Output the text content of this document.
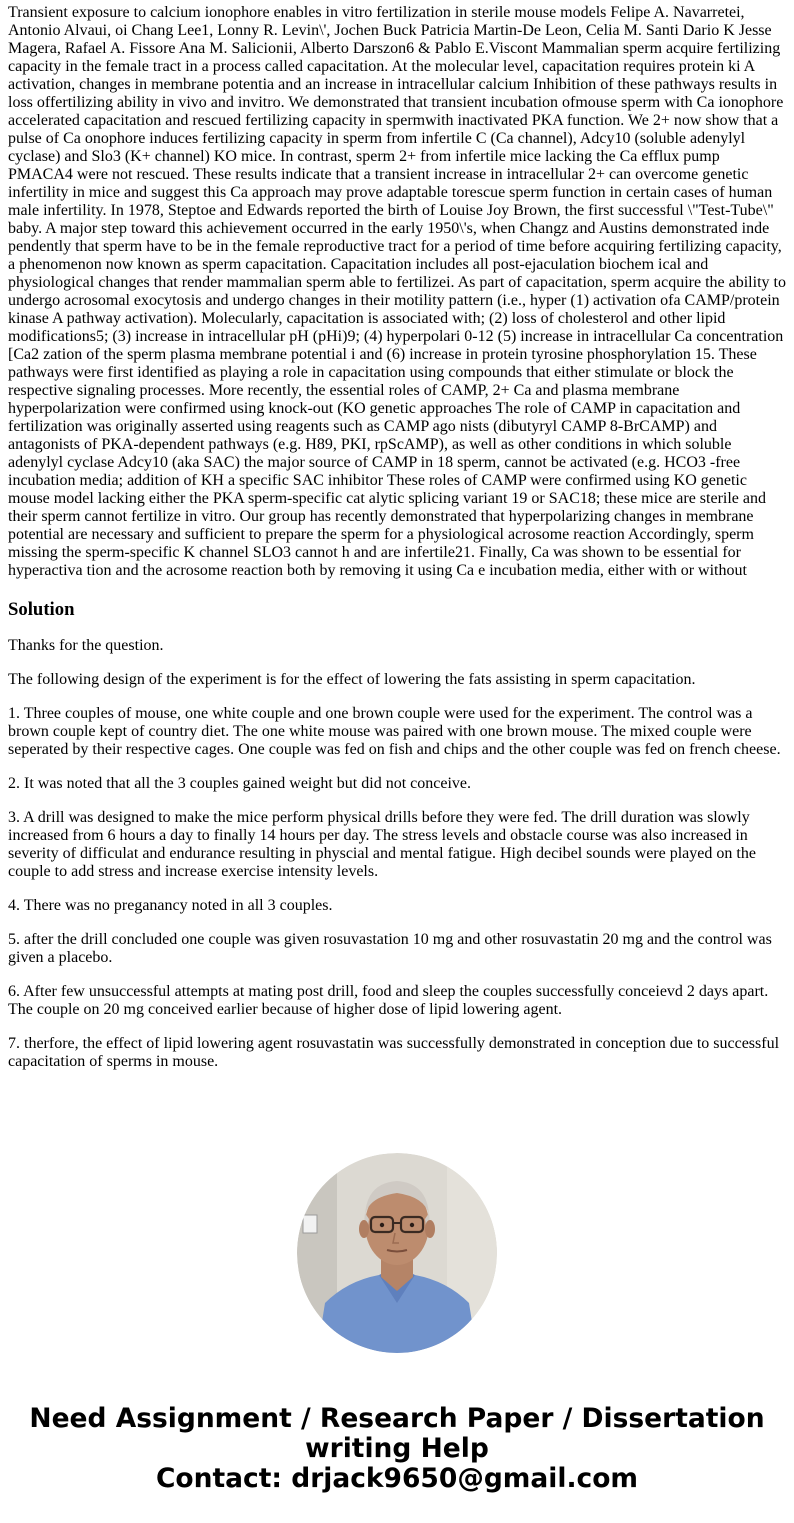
Transient exposure to calcium ionophore enables in vitro fertilization in sterile mouse models Felipe A. Navarretei, Antonio Alvaui, oi Chang Lee1, Lonny R. Levin\', Jochen Buck Patricia Martin-De Leon, Celia M. Santi Dario K Jesse Magera, Rafael A. Fissore Ana M. Salicionii, Alberto Darszon6 & Pablo E.Viscont Mammalian sperm acquire fertilizing capacity in the female tract in a process called capacitation. At the molecular level, capacitation requires protein ki A activation, changes in membrane potentia and an increase in intracellular calcium Inhibition of these pathways results in loss offertilizing ability in vivo and invitro. We demonstrated that transient incubation ofmouse sperm with Ca ionophore accelerated capacitation and rescued fertilizing capacity in spermwith inactivated PKA function. We 2+ now show that a pulse of Ca onophore induces fertilizing capacity in sperm from infertile C (Ca channel), Adcy10 (soluble adenylyl cyclase) and Slo3 (K+ channel) KO mice. In contrast, sperm 2+ from infertile mice lacking the Ca efflux pump PMACA4 were not rescued. These results indicate that a transient increase in intracellular 2+ can overcome genetic infertility in mice and suggest this Ca approach may prove adaptable torescue sperm function in certain cases of human male infertility. In 1978, Steptoe and Edwards reported the birth of Louise Joy Brown, the first successful \"Test-Tube\" baby. A major step toward this achievement occurred in the early 1950\'s, when Changz and Austins demonstrated inde pendently that sperm have to be in the female reproductive tract for a period of time before acquiring fertilizing capacity, a phenomenon now known as sperm capacitation. Capacitation includes all post-ejaculation biochem ical and physiological changes that render mammalian sperm able to fertilizei. As part of capacitation, sperm acquire the ability to undergo acrosomal exocytosis and undergo changes in their motility pattern (i.e., hyper (1) activation ofa CAMP/protein kinase A pathway activation). Molecularly, capacitation is associated with; (2) loss of cholesterol and other lipid modifications5; (3) increase in intracellular pH (pHi)9; (4) hyperpolari 0-12 (5) increase in intracellular Ca concentration [Ca2 zation of the sperm plasma membrane potential i and (6) increase in protein tyrosine phosphorylation 15. These pathways were first identified as playing a role in capacitation using compounds that either stimulate or block the respective signaling processes. More recently, the essential roles of CAMP, 2+ Ca and plasma membrane hyperpolarization were confirmed using knock-out (KO genetic approaches The role of CAMP in capacitation and fertilization was originally asserted using reagents such as CAMP ago nists (dibutyryl CAMP 8-BrCAMP) and antagonists of PKA-dependent pathways (e.g. H89, PKI, rpScAMP), as well as other conditions in which soluble adenylyl cyclase Adcy10 (aka SAC) the major source of CAMP in 18 sperm, cannot be activated (e.g. HCO3 -free incubation media; addition of KH a specific SAC inhibitor These roles of CAMP were confirmed using KO genetic mouse model lacking either the PKA sperm-specific cat alytic splicing variant 19 or SAC18; these mice are sterile and their sperm cannot fertilize in vitro. Our group has recently demonstrated that hyperpolarizing changes in membrane potential are necessary and sufficient to prepare the sperm for a physiological acrosome reaction Accordingly, sperm missing the sperm-specific K channel SLO3 cannot h and are infertile21. Finally, Ca was shown to be essential for hyperactiva tion and the acrosome reaction both by removing it using Ca e incubation media, either with or without

Solution

Thanks for the question.

The following design of the experiment is for the effect of lowering the fats assisting in sperm capacitation.

1. Three couples of mouse, one white couple and one brown couple were used for the experiment. The control was a brown couple kept of country diet. The one white mouse was paired with one brown mouse. The mixed couple were seperated by their respective cages. One couple was fed on fish and chips and the other couple was fed on french cheese.

2. It was noted that all the 3 couples gained weight but did not conceive.

3. A drill was designed to make the mice perform physical drills before they were fed. The drill duration was slowly increased from 6 hours a day to finally 14 hours per day. The stress levels and obstacle course was also increased in severity of difficulat and endurance resulting in physcial and mental fatigue. High decibel sounds were played on the couple to add stress and increase exercise intensity levels.

4. There was no preganancy noted in all 3 couples.

5. after the drill concluded one couple was given rosuvastation 10 mg and other rosuvastatin 20 mg and the control was given a placebo.

6. After few unsuccessful attempts at mating post drill, food and sleep the couples successfully conceievd 2 days apart. The couple on 20 mg conceived earlier because of higher dose of lipid lowering agent.

7. therfore, the effect of lipid lowering agent rosuvastatin was successfully demonstrated in conception due to successful capacitation of sperms in mouse.

Need Assignment / Research Paper / Dissertation
writing Help
Contact: drjack9650@gmail.com
